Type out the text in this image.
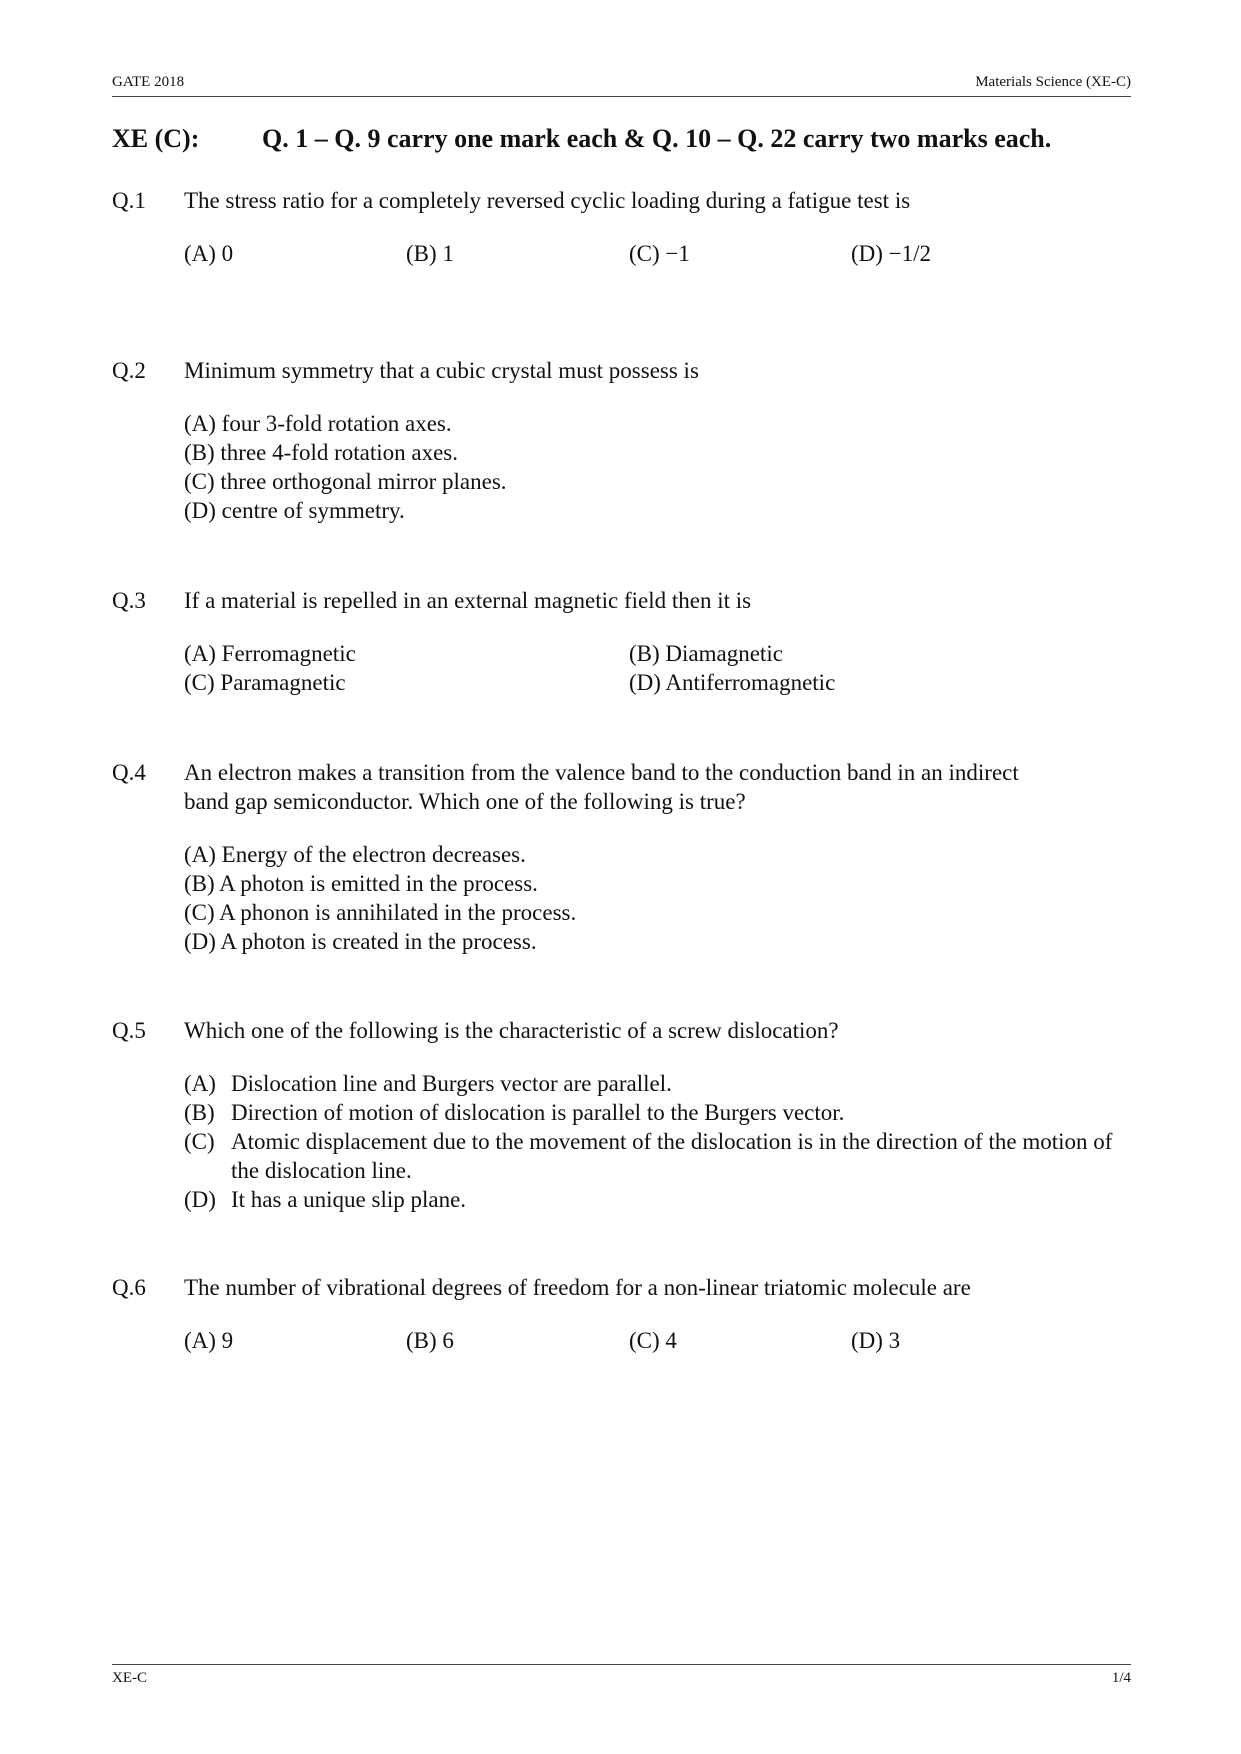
GATE 2018	Materials Science (XE-C)
XE (C): Q. 1 – Q. 9 carry one mark each & Q. 10 – Q. 22 carry two marks each.
Q.1 The stress ratio for a completely reversed cyclic loading during a fatigue test is
(A) 0	(B) 1	(C) −1	(D) −1/2
Q.2 Minimum symmetry that a cubic crystal must possess is
(A) four 3-fold rotation axes.
(B) three 4-fold rotation axes.
(C) three orthogonal mirror planes.
(D) centre of symmetry.
Q.3 If a material is repelled in an external magnetic field then it is
(A) Ferromagnetic	(B) Diamagnetic
(C) Paramagnetic	(D) Antiferromagnetic
Q.4 An electron makes a transition from the valence band to the conduction band in an indirect
band gap semiconductor. Which one of the following is true?
(A) Energy of the electron decreases.
(B) A photon is emitted in the process.
(C) A phonon is annihilated in the process.
(D) A photon is created in the process.
Q.5 Which one of the following is the characteristic of a screw dislocation?
(A) Dislocation line and Burgers vector are parallel.
(B) Direction of motion of dislocation is parallel to the Burgers vector.
(C) Atomic displacement due to the movement of the dislocation is in the direction of the motion of the dislocation line.
(D) It has a unique slip plane.
Q.6 The number of vibrational degrees of freedom for a non-linear triatomic molecule are
(A) 9	(B) 6	(C) 4	(D) 3
XE-C	1/4
